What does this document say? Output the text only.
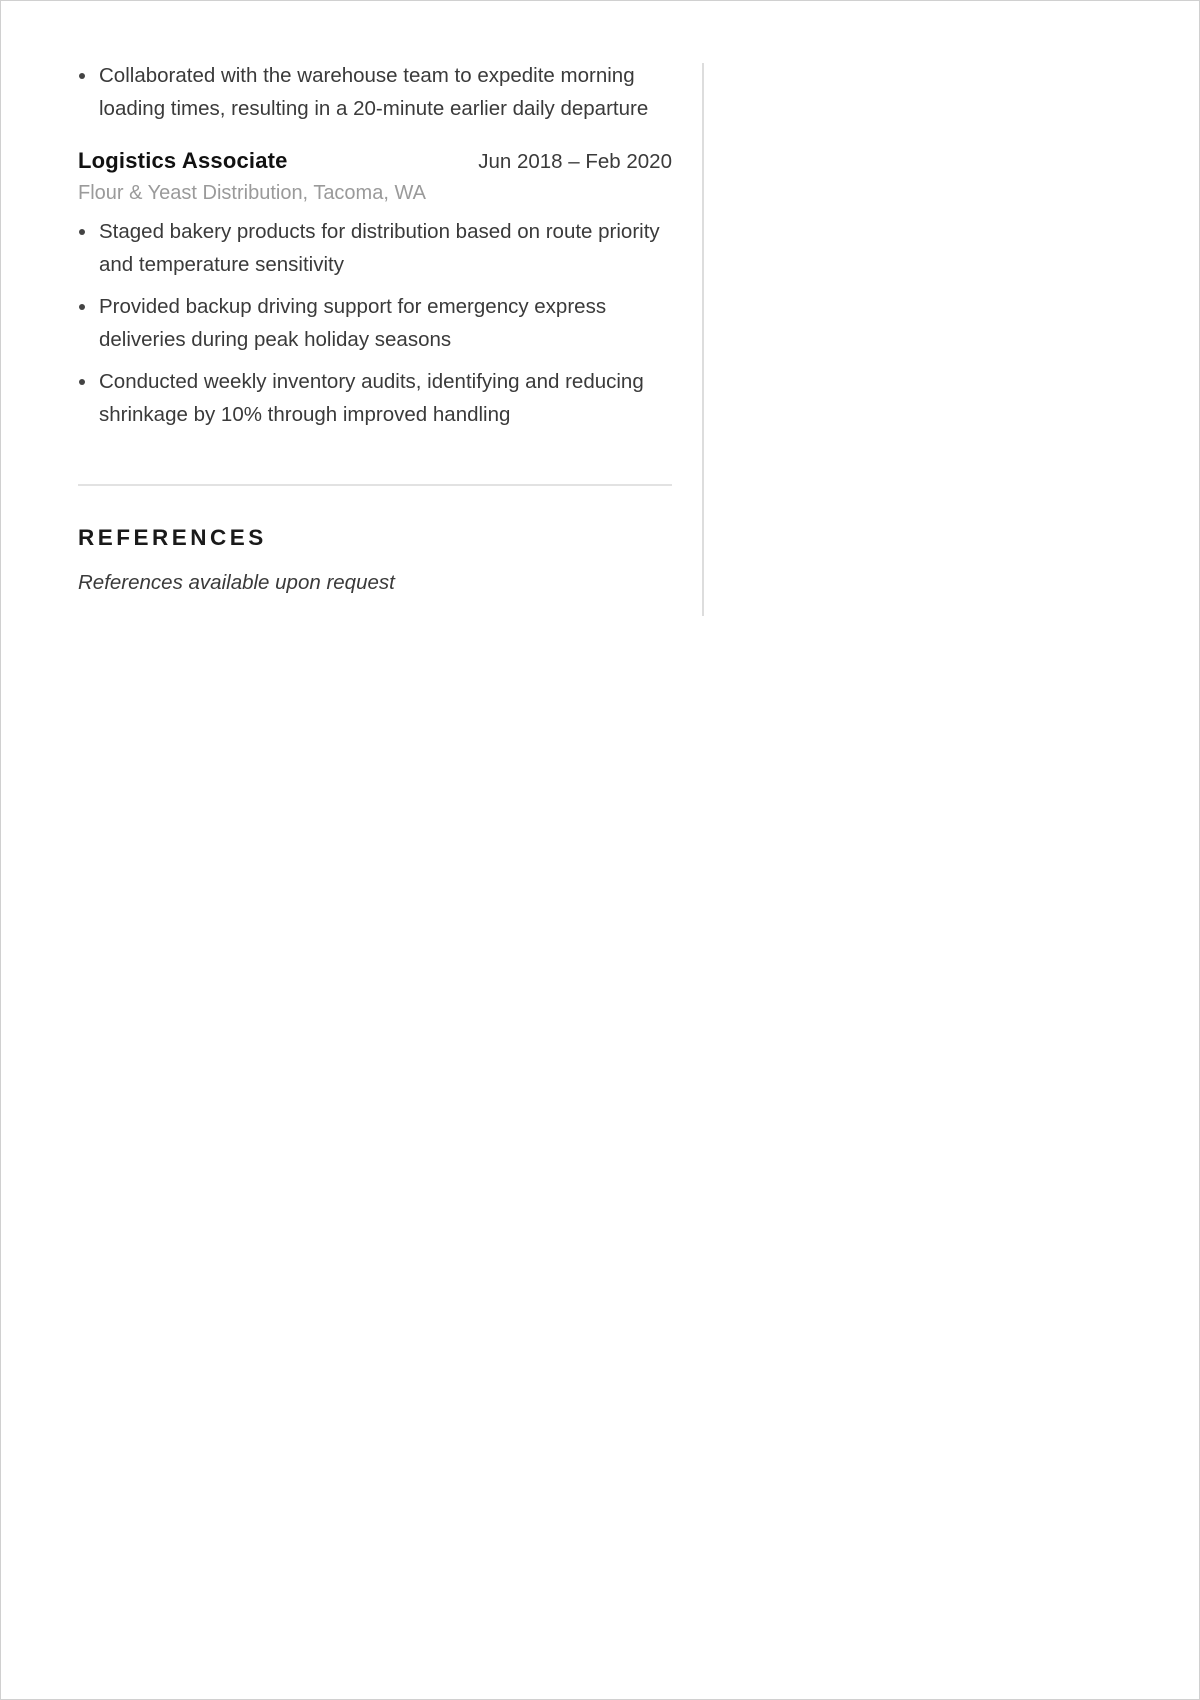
Collaborated with the warehouse team to expedite morning loading times, resulting in a 20-minute earlier daily departure
Logistics Associate	Jun 2018 – Feb 2020
Flour & Yeast Distribution, Tacoma, WA
Staged bakery products for distribution based on route priority and temperature sensitivity
Provided backup driving support for emergency express deliveries during peak holiday seasons
Conducted weekly inventory audits, identifying and reducing shrinkage by 10% through improved handling
REFERENCES
References available upon request
